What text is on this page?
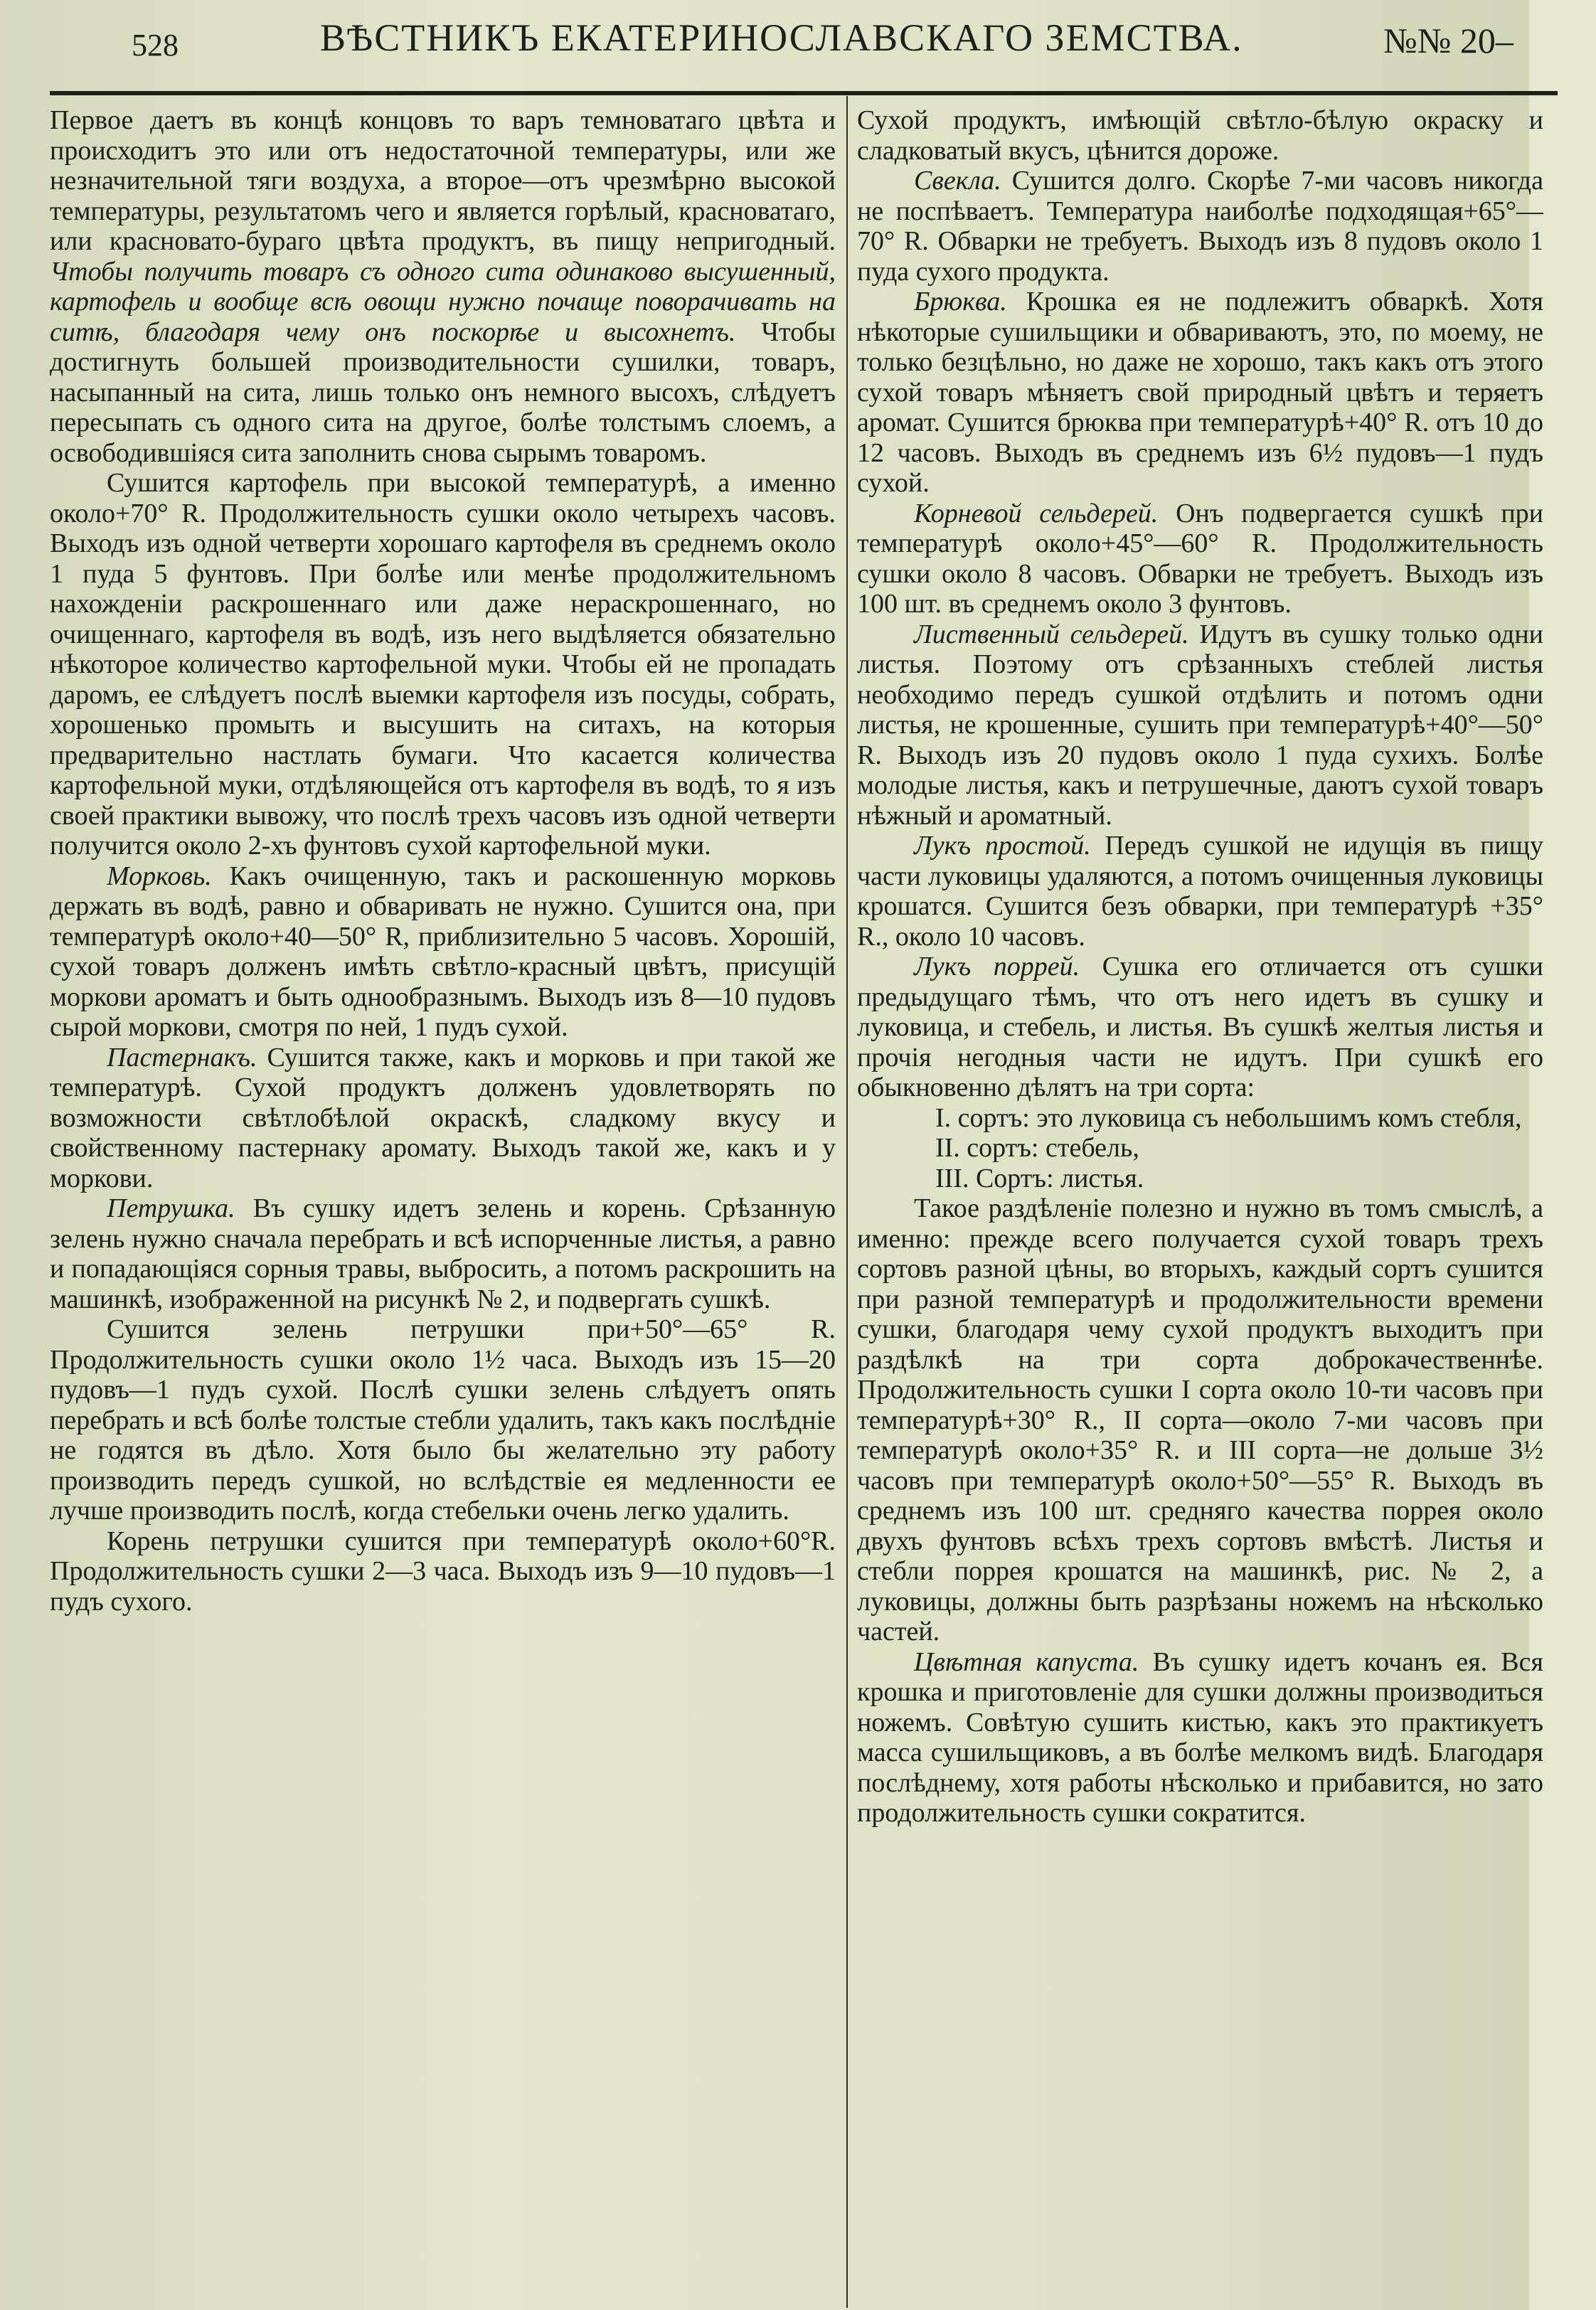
528	ВѢСТНИКЪ ЕКАТЕРИНОСЛАВСКАГО ЗЕМСТВА.	№№ 20–

Первое даетъ въ концѣ концовъ то варъ темноватаго цвѣта и происходитъ это или отъ недостаточной температуры, или же незначительной тяги воздуха, а второе—отъ чрезмѣрно высокой температуры, результатомъ чего и является горѣлый, красноватаго, или красновато-бураго цвѣта продуктъ, въ пищу непригодный. Чтобы получить товаръ съ одного сита одинаково высушенный, картофель и вообще всѣ овощи нужно почаще поворачивать на ситѣ, благодаря чему онъ поскорѣе и высохнетъ. Чтобы достигнуть большей производительности сушилки, товаръ, насыпанный на сита, лишь только онъ немного высохъ, слѣдуетъ пересыпать съ одного сита на другое, болѣе толстымъ слоемъ, а освободившіяся сита заполнить снова сырымъ товаромъ.

Сушится картофель при высокой температурѣ, а именно около+70° R. Продолжительность сушки около четырехъ часовъ. Выходъ изъ одной четверти хорошаго картофеля въ среднемъ около 1 пуда 5 фунтовъ. При болѣе или менѣе продолжительномъ нахожденіи раскрошеннаго или даже нераскрошеннаго, но очищеннаго, картофеля въ водѣ, изъ него выдѣляется обязательно нѣкоторое количество картофельной муки. Чтобы ей не пропадать даромъ, ее слѣдуетъ послѣ выемки картофеля изъ посуды, собрать, хорошенько промыть и высушить на ситахъ, на которыя предварительно настлать бумаги. Что касается количества картофельной муки, отдѣляющейся отъ картофеля въ водѣ, то я изъ своей практики вывожу, что послѣ трехъ часовъ изъ одной четверти получится около 2-хъ фунтовъ сухой картофельной муки.

Морковь. Какъ очищенную, такъ и раскошенную морковь держать въ водѣ, равно и обваривать не нужно. Сушится она, при температурѣ около+40—50° R, приблизительно 5 часовъ. Хорошій, сухой товаръ долженъ имѣть свѣтло-красный цвѣтъ, присущій моркови ароматъ и быть однообразнымъ. Выходъ изъ 8—10 пудовъ сырой моркови, смотря по ней, 1 пудъ сухой.

Пастернакъ. Сушится также, какъ и морковь и при такой же температурѣ. Сухой продуктъ долженъ удовлетворять по возможности свѣтлобѣлой окраскѣ, сладкому вкусу и свойственному пастернаку аромату. Выходъ такой же, какъ и у моркови.

Петрушка. Въ сушку идетъ зелень и корень. Срѣзанную зелень нужно сначала перебрать и всѣ испорченные листья, а равно и попадающіяся сорныя травы, выбросить, а потомъ раскрошить на машинкѣ, изображенной на рисункѣ № 2, и подвергать сушкѣ.

Сушится зелень петрушки при+50°—65° R. Продолжительность сушки около 1½ часа. Выходъ изъ 15—20 пудовъ—1 пудъ сухой. Послѣ сушки зелень слѣдуетъ опять перебрать и всѣ болѣе толстые стебли удалить, такъ какъ послѣдніе не годятся въ дѣло. Хотя было бы желательно эту работу производить передъ сушкой, но вслѣдствіе ея медленности ее лучше производить послѣ, когда стебельки очень легко удалить.

Корень петрушки сушится при температурѣ около+60°R. Продолжительность сушки 2—3 часа. Выходъ изъ 9—10 пудовъ—1 пудъ сухого.

Сухой продуктъ, имѣющій свѣтло-бѣлую окраску и сладковатый вкусъ, цѣнится дороже.

Свекла. Сушится долго. Скорѣе 7-ми часовъ никогда не поспѣваетъ. Температура наиболѣе подходящая+65°—70° R. Обварки не требуетъ. Выходъ изъ 8 пудовъ около 1 пуда сухого продукта.

Брюква. Крошка ея не подлежитъ обваркѣ. Хотя нѣкоторые сушильщики и обвариваютъ, это, по моему, не только безцѣльно, но даже не хорошо, такъ какъ отъ этого сухой товаръ мѣняетъ свой природный цвѣтъ и теряетъ аромат. Сушится брюква при температурѣ+40° R. отъ 10 до 12 часовъ. Выходъ въ среднемъ изъ 6½ пудовъ—1 пудъ сухой.

Корневой сельдерей. Онъ подвергается сушкѣ при температурѣ около+45°—60° R. Продолжительность сушки около 8 часовъ. Обварки не требуетъ. Выходъ изъ 100 шт. въ среднемъ около 3 фунтовъ.

Лиственный сельдерей. Идутъ въ сушку только одни листья. Поэтому отъ срѣзанныхъ стеблей листья необходимо передъ сушкой отдѣлить и потомъ одни листья, не крошенные, сушить при температурѣ+40°—50° R. Выходъ изъ 20 пудовъ около 1 пуда сухихъ. Болѣе молодые листья, какъ и петрушечные, даютъ сухой товаръ нѣжный и ароматный.

Лукъ простой. Передъ сушкой не идущія въ пищу части луковицы удаляются, а потомъ очищенныя луковицы крошатся. Сушится безъ обварки, при температурѣ +35° R., около 10 часовъ.

Лукъ поррей. Сушка его отличается отъ сушки предыдущаго тѣмъ, что отъ него идетъ въ сушку и луковица, и стебель, и листья. Въ сушкѣ желтыя листья и прочія негодныя части не идутъ. При сушкѣ его обыкновенно дѣлятъ на три сорта:

I. сортъ: это луковица съ небольшимъ комъ стебля,

II. сортъ: стебель,

III. Сортъ: листья.

Такое раздѣленіе полезно и нужно въ томъ смыслѣ, а именно: прежде всего получается сухой товаръ трехъ сортовъ разной цѣны, во вторыхъ, каждый сортъ сушится при разной температурѣ и продолжительности времени сушки, благодаря чему сухой продуктъ выходитъ при раздѣлкѣ на три сорта доброкачественнѣе. Продолжительность сушки I сорта около 10-ти часовъ при температурѣ+30° R., II сорта—около 7-ми часовъ при температурѣ около+35° R. и III сорта—не дольше 3½ часовъ при температурѣ около+50°—55° R. Выходъ въ среднемъ изъ 100 шт. средняго качества поррея около двухъ фунтовъ всѣхъ трехъ сортовъ вмѣстѣ. Листья и стебли поррея крошатся на машинкѣ, рис. № 2, а луковицы, должны быть разрѣзаны ножемъ на нѣсколько частей.

Цвѣтная капуста. Въ сушку идетъ кочанъ ея. Вся крошка и приготовленіе для сушки должны производиться ножемъ. Совѣтую сушить кистью, какъ это практикуетъ масса сушильщиковъ, а въ болѣе мелкомъ видѣ. Благодаря послѣднему, хотя работы нѣсколько и прибавится, но зато продолжительность сушки сократится.
